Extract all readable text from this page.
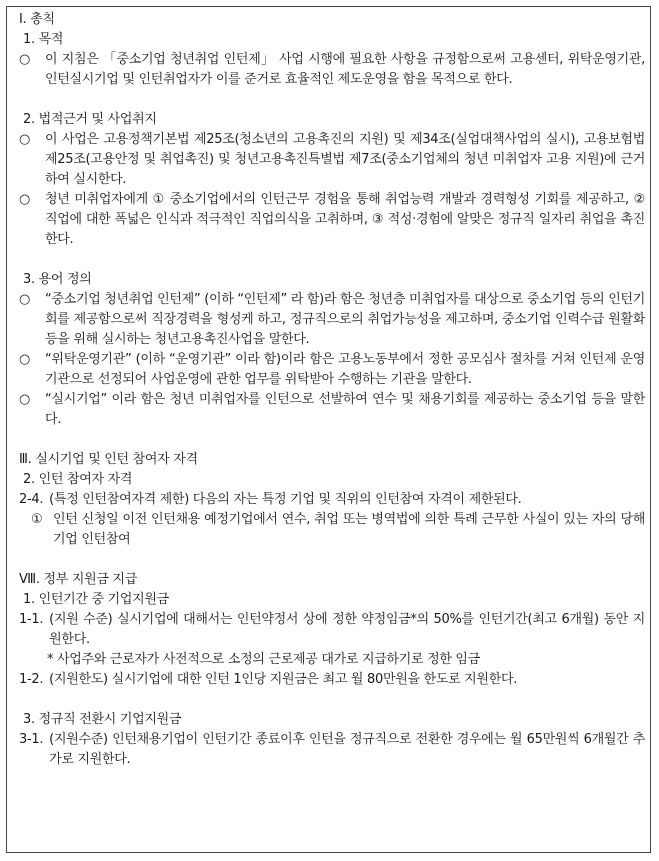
Ⅰ. 총칙
1. 목적
○	이 지침은 「중소기업 청년취업 인턴제」 사업 시행에 필요한 사항을 규정함으로써 고용센터, 위탁운영기관, 인턴실시기업 및 인턴취업자가 이를 준거로 효율적인 제도운영을 함을 목적으로 한다.
2. 법적근거 및 사업취지
○	이 사업은 고용정책기본법 제25조(청소년의 고용촉진의 지원) 및 제34조(실업대책사업의 실시), 고용보험법 제25조(고용안정 및 취업촉진) 및 청년고용촉진특별법 제7조(중소기업체의 청년 미취업자 고용 지원)에 근거하여 실시한다.
○	청년 미취업자에게 ① 중소기업에서의 인턴근무 경험을 통해 취업능력 개발과 경력형성 기회를 제공하고, ② 직업에 대한 폭넓은 인식과 적극적인 직업의식을 고취하며, ③ 적성·경험에 알맞은 정규직 일자리 취업을 촉진한다.
3. 용어 정의
○	“중소기업 청년취업 인턴제” (이하 “인턴제” 라 함)라 함은 청년층 미취업자를 대상으로 중소기업 등의 인턴기회를 제공함으로써 직장경력을 형성케 하고, 정규직으로의 취업가능성을 제고하며, 중소기업 인력수급 원활화 등을 위해 실시하는 청년고용촉진사업을 말한다.
○	“위탁운영기관” (이하 “운영기관” 이라 함)이라 함은 고용노동부에서 정한 공모심사 절차를 거쳐 인턴제 운영기관으로 선정되어 사업운영에 관한 업무를 위탁받아 수행하는 기관을 말한다.
○	“실시기업” 이라 함은 청년 미취업자를 인턴으로 선발하여 연수 및 채용기회를 제공하는 중소기업 등을 말한다.
Ⅲ. 실시기업 및 인턴 참여자 자격
2. 인턴 참여자 자격
2-4. (특정 인턴참여자격 제한) 다음의 자는 특정 기업 및 직위의 인턴참여 자격이 제한된다.
① 인턴 신청일 이전 인턴채용 예정기업에서 연수, 취업 또는 병역법에 의한 특례 근무한 사실이 있는 자의 당해기업 인턴참여
Ⅷ. 정부 지원금 지급
1. 인턴기간 중 기업지원금
1-1. (지원 수준) 실시기업에 대해서는 인턴약정서 상에 정한 약정임금*의 50%를 인턴기간(최고 6개월) 동안 지원한다.
* 사업주와 근로자가 사전적으로 소정의 근로제공 대가로 지급하기로 정한 임금
1-2. (지원한도) 실시기업에 대한 인턴 1인당 지원금은 최고 월 80만원을 한도로 지원한다.
3. 정규직 전환시 기업지원금
3-1. (지원수준) 인턴채용기업이 인턴기간 종료이후 인턴을 정규직으로 전환한 경우에는 월 65만원씩 6개월간 추가로 지원한다.
